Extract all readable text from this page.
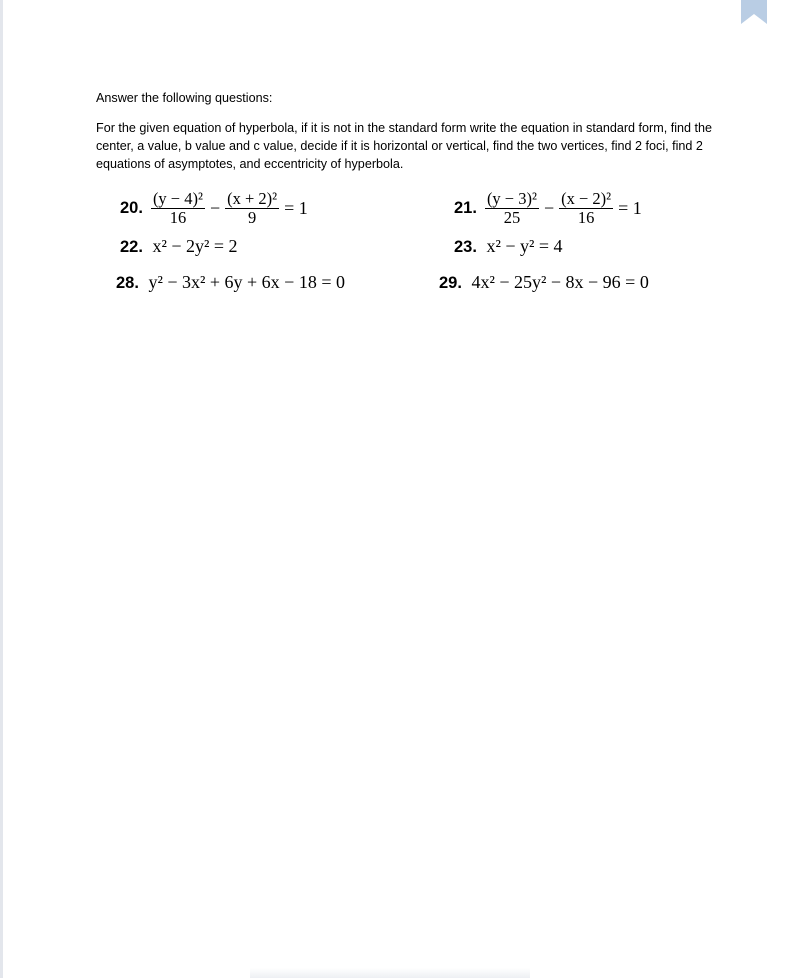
Answer the following questions:

For the given equation of hyperbola, if it is not in the standard form write the equation in standard form, find the center, a value, b value and c value, decide if it is horizontal or vertical, find the two vertices, find 2 foci, find 2 equations of asymptotes, and eccentricity of hyperbola.

20. $\frac{\text{(y − 4)²}}{16} - \frac{\text{(x + 2)²}}{9} = 1$	21. $\frac{\text{(y − 3)²}}{25} - \frac{\text{(x − 2)²}}{16} = 1$
22. x² − 2y² = 2	23. x² − y² = 4
28. y² − 3x² + 6y + 6x − 18 = 0	29. 4x² − 25y² − 8x − 96 = 0
